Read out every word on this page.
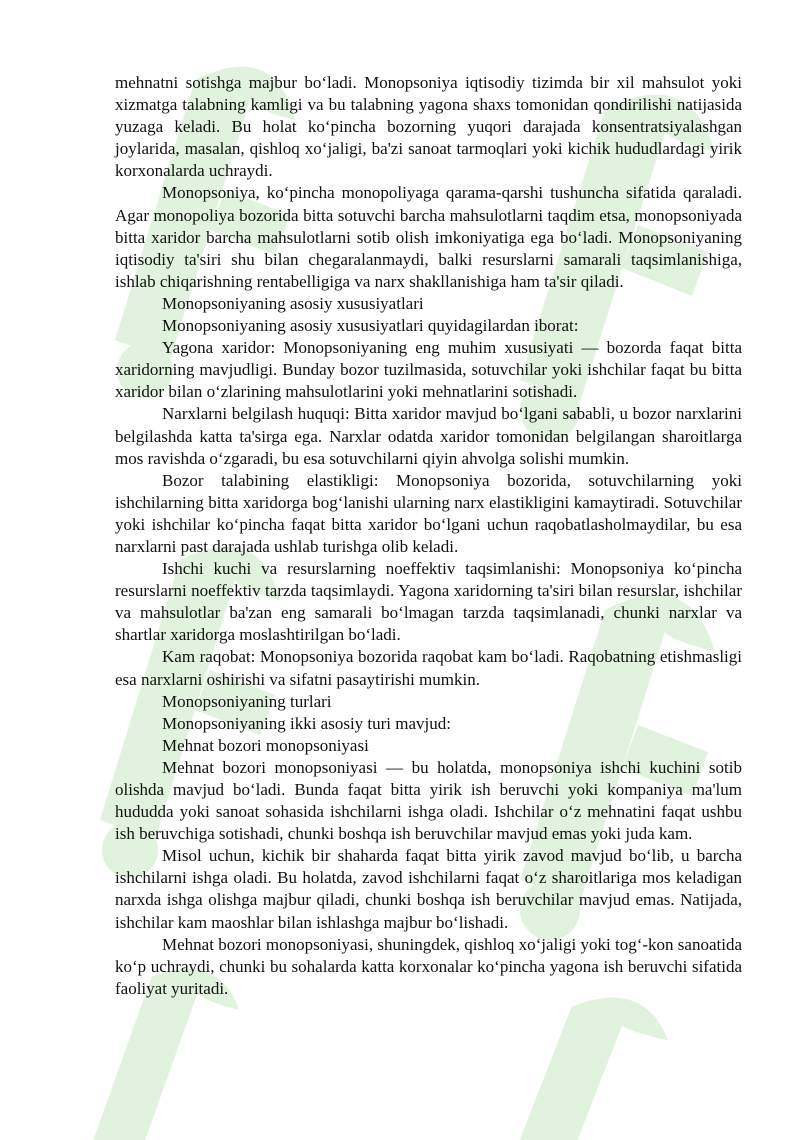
mehnatni sotishga majbur bo‘ladi. Monopsoniya iqtisodiy tizimda bir xil mahsulot yoki xizmatga talabning kamligi va bu talabning yagona shaxs tomonidan qondirilishi natijasida yuzaga keladi. Bu holat ko‘pincha bozorning yuqori darajada konsentratsiyalashgan joylarida, masalan, qishloq xo‘jaligi, ba'zi sanoat tarmoqlari yoki kichik hududlardagi yirik korxonalarda uchraydi.

Monopsoniya, ko‘pincha monopoliyaga qarama-qarshi tushuncha sifatida qaraladi. Agar monopoliya bozorida bitta sotuvchi barcha mahsulotlarni taqdim etsa, monopsoniyada bitta xaridor barcha mahsulotlarni sotib olish imkoniyatiga ega bo‘ladi. Monopsoniyaning iqtisodiy ta'siri shu bilan chegaralanmaydi, balki resurslarni samarali taqsimlanishiga, ishlab chiqarishning rentabelligiga va narx shakllanishiga ham ta'sir qiladi.

Monopsoniyaning asosiy xususiyatlari

Monopsoniyaning asosiy xususiyatlari quyidagilardan iborat:

Yagona xaridor: Monopsoniyaning eng muhim xususiyati — bozorda faqat bitta xaridorning mavjudligi. Bunday bozor tuzilmasida, sotuvchilar yoki ishchilar faqat bu bitta xaridor bilan o‘zlarining mahsulotlarini yoki mehnatlarini sotishadi.

Narxlarni belgilash huquqi: Bitta xaridor mavjud bo‘lgani sababli, u bozor narxlarini belgilashda katta ta'sirga ega. Narxlar odatda xaridor tomonidan belgilangan sharoitlarga mos ravishda o‘zgaradi, bu esa sotuvchilarni qiyin ahvolga solishi mumkin.

Bozor talabining elastikligi: Monopsoniya bozorida, sotuvchilarning yoki ishchilarning bitta xaridorga bog‘lanishi ularning narx elastikligini kamaytiradi. Sotuvchilar yoki ishchilar ko‘pincha faqat bitta xaridor bo‘lgani uchun raqobatlasholmaydilar, bu esa narxlarni past darajada ushlab turishga olib keladi.

Ishchi kuchi va resurslarning noeffektiv taqsimlanishi: Monopsoniya ko‘pincha resurslarni noeffektiv tarzda taqsimlaydi. Yagona xaridorning ta'siri bilan resurslar, ishchilar va mahsulotlar ba'zan eng samarali bo‘lmagan tarzda taqsimlanadi, chunki narxlar va shartlar xaridorga moslashtirilgan bo‘ladi.

Kam raqobat: Monopsoniya bozorida raqobat kam bo‘ladi. Raqobatning etishmasligi esa narxlarni oshirishi va sifatni pasaytirishi mumkin.

Monopsoniyaning turlari

Monopsoniyaning ikki asosiy turi mavjud:

Mehnat bozori monopsoniyasi

Mehnat bozori monopsoniyasi — bu holatda, monopsoniya ishchi kuchini sotib olishda mavjud bo‘ladi. Bunda faqat bitta yirik ish beruvchi yoki kompaniya ma'lum hududda yoki sanoat sohasida ishchilarni ishga oladi. Ishchilar o‘z mehnatini faqat ushbu ish beruvchiga sotishadi, chunki boshqa ish beruvchilar mavjud emas yoki juda kam.

Misol uchun, kichik bir shaharda faqat bitta yirik zavod mavjud bo‘lib, u barcha ishchilarni ishga oladi. Bu holatda, zavod ishchilarni faqat o‘z sharoitlariga mos keladigan narxda ishga olishga majbur qiladi, chunki boshqa ish beruvchilar mavjud emas. Natijada, ishchilar kam maoshlar bilan ishlashga majbur bo‘lishadi.

Mehnat bozori monopsoniyasi, shuningdek, qishloq xo‘jaligi yoki tog‘-kon sanoatida ko‘p uchraydi, chunki bu sohalarda katta korxonalar ko‘pincha yagona ish beruvchi sifatida faoliyat yuritadi.
